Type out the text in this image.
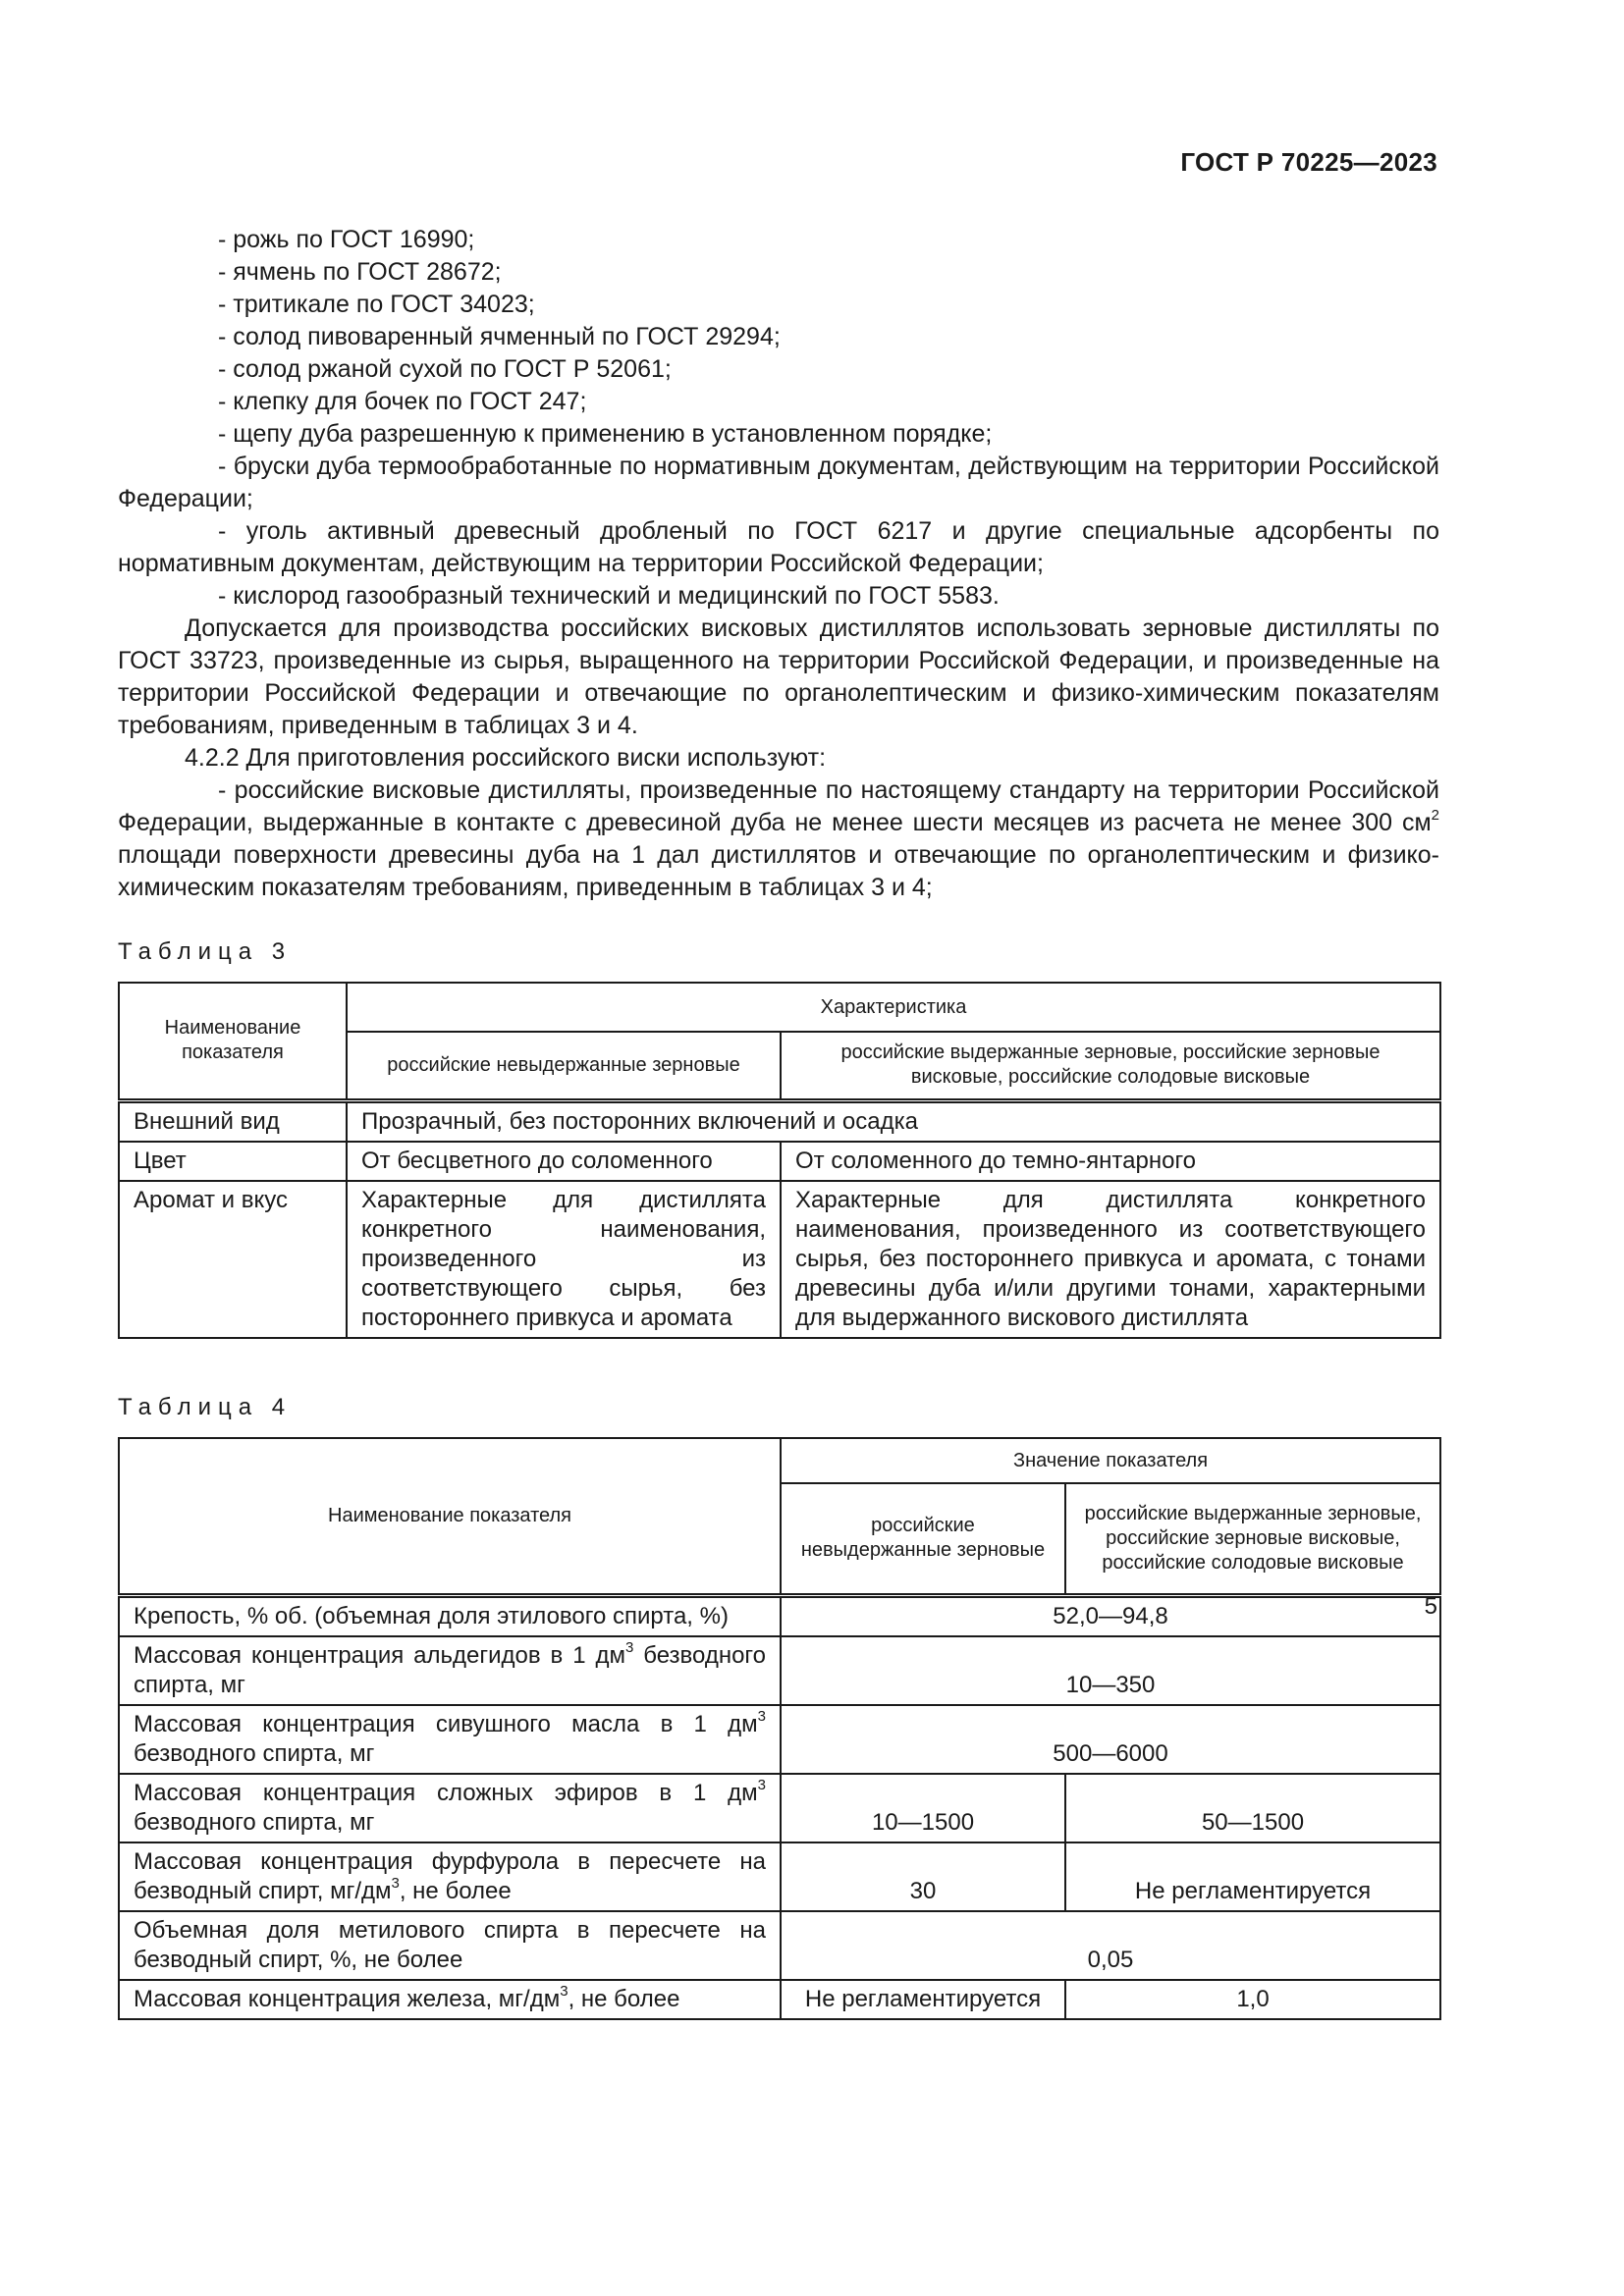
ГОСТ Р 70225—2023

- рожь по ГОСТ 16990;

- ячмень по ГОСТ 28672;

- тритикале по ГОСТ 34023;

- солод пивоваренный ячменный по ГОСТ 29294;

- солод ржаной сухой по ГОСТ Р 52061;

- клепку для бочек по ГОСТ 247;

- щепу дуба разрешенную к применению в установленном порядке;

- бруски дуба термообработанные по нормативным документам, действующим на территории Российской Федерации;

- уголь активный древесный дробленый по ГОСТ 6217 и другие специальные адсорбенты по нормативным документам, действующим на территории Российской Федерации;

- кислород газообразный технический и медицинский по ГОСТ 5583.

Допускается для производства российских висковых дистиллятов использовать зерновые дистилляты по ГОСТ 33723, произведенные из сырья, выращенного на территории Российской Федерации, и произведенные на территории Российской Федерации и отвечающие по органолептическим и физико-химическим показателям требованиям, приведенным в таблицах 3 и 4.

4.2.2 Для приготовления российского виски используют:

- российские висковые дистилляты, произведенные по настоящему стандарту на территории Российской Федерации, выдержанные в контакте с древесиной дуба не менее шести месяцев из расчета не менее 300 $см^2$ площади поверхности древесины дуба на 1 дал дистиллятов и отвечающие по органолептическим и физико-химическим показателям требованиям, приведенным в таблицах 3 и 4;

Таблица 3
Наименование показателя	Характеристика	
	российские невыдержанные зерновые	российские выдержанные зерновые, российские зерновые висковые, российские солодовые висковые
Внешний вид	Прозрачный, без посторонних включений и осадка	
Цвет	От бесцветного до соломенного	От соломенного до темно-янтарного
Аромат и вкус	Характерные для дистиллята конкретного наименования, произведенного из соответствующего сырья, без постороннего привкуса и аромата	Характерные для дистиллята конкретного наименования, произведенного из соответствующего сырья, без постороннего привкуса и аромата, с тонами древесины дуба и/или другими тонами, характерными для выдержанного вискового дистиллята
Таблица 4
Наименование показателя	Значение показателя	
	российские невыдержанные зерновые	российские выдержанные зерновые, российские зерновые висковые, российские солодовые висковые
Крепость, % об. (объемная доля этилового спирта, %)	52,0—94,8	
Массовая концентрация альдегидов в 1 $дм^3$ безводного спирта, мг	10—350	
Массовая концентрация сивушного масла в 1 $дм^3$ безводного спирта, мг	500—6000	
Массовая концентрация сложных эфиров в 1 $дм^3$ безводного спирта, мг	10—1500	50—1500
Массовая концентрация фурфурола в пересчете на безводный спирт, $мг/дм^3$, не более	30	Не регламентируется
Объемная доля метилового спирта в пересчете на безводный спирт, %, не более	0,05	
Массовая концентрация железа, $мг/дм^3$, не более	Не регламентируется	1,0
5
